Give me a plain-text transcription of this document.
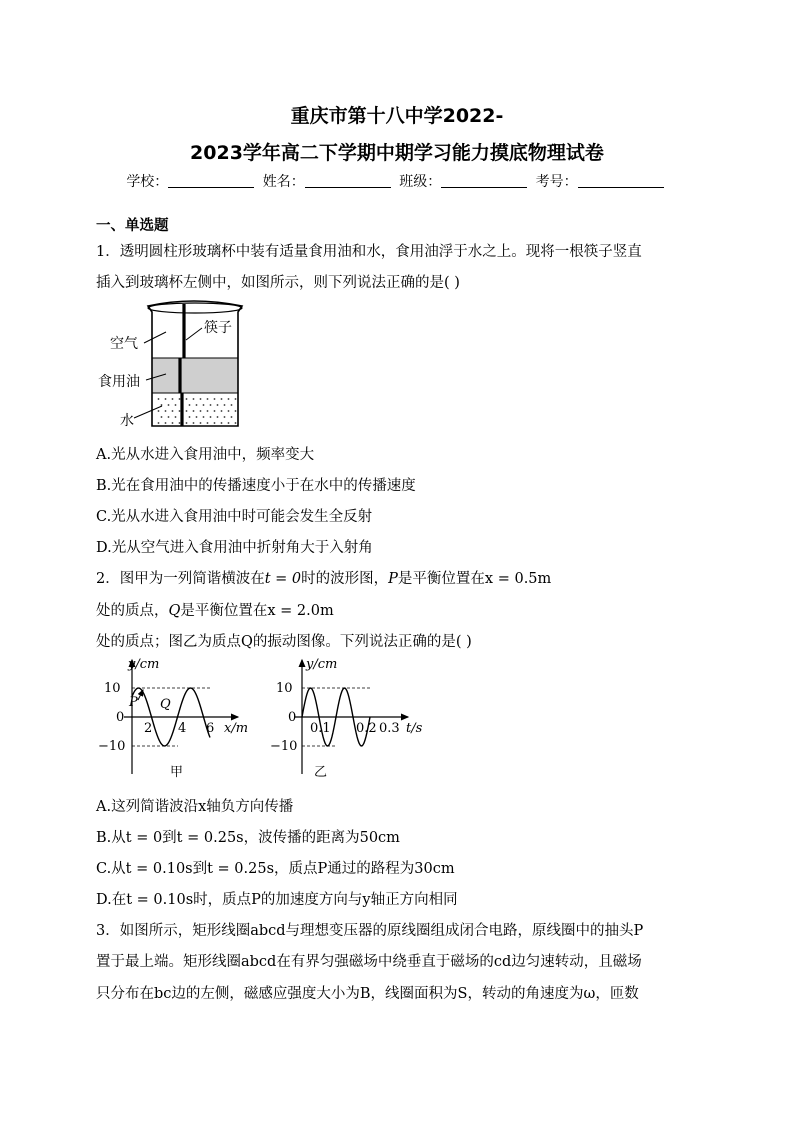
重庆市第十八中学2022-
2023学年高二下学期中期学习能力摸底物理试卷
学校：	姓名：	班级：	考号：
一、单选题
1．透明圆柱形玻璃杯中装有适量食用油和水，食用油浮于水之上。现将一根筷子竖直
插入到玻璃杯左侧中，如图所示，则下列说法正确的是( )
筷子
空气
食用油
水
A.光从水进入食用油中，频率变大
B.光在食用油中的传播速度小于在水中的传播速度
C.光从水进入食用油中时可能会发生全反射
D.光从空气进入食用油中折射角大于入射角
2．图甲为一列简谐横波在t = 0时的波形图，P是平衡位置在x = 0.5m
处的质点，Q是平衡位置在x = 2.0m
处的质点；图乙为质点Q的振动图像。下列说法正确的是( )
y/cm
10
0
−10
2 4 6 x/m
P Q
甲
y/cm
10
0
−10
0.1 0.2 0.3 t/s
乙
A.这列简谐波沿x轴负方向传播
B.从t = 0到t = 0.25s，波传播的距离为50cm
C.从t = 0.10s到t = 0.25s，质点P通过的路程为30cm
D.在t = 0.10s时，质点P的加速度方向与y轴正方向相同
3．如图所示，矩形线圈abcd与理想变压器的原线圈组成闭合电路，原线圈中的抽头P
置于最上端。矩形线圈abcd在有界匀强磁场中绕垂直于磁场的cd边匀速转动，且磁场
只分布在bc边的左侧，磁感应强度大小为B，线圈面积为S，转动的角速度为ω，匝数
